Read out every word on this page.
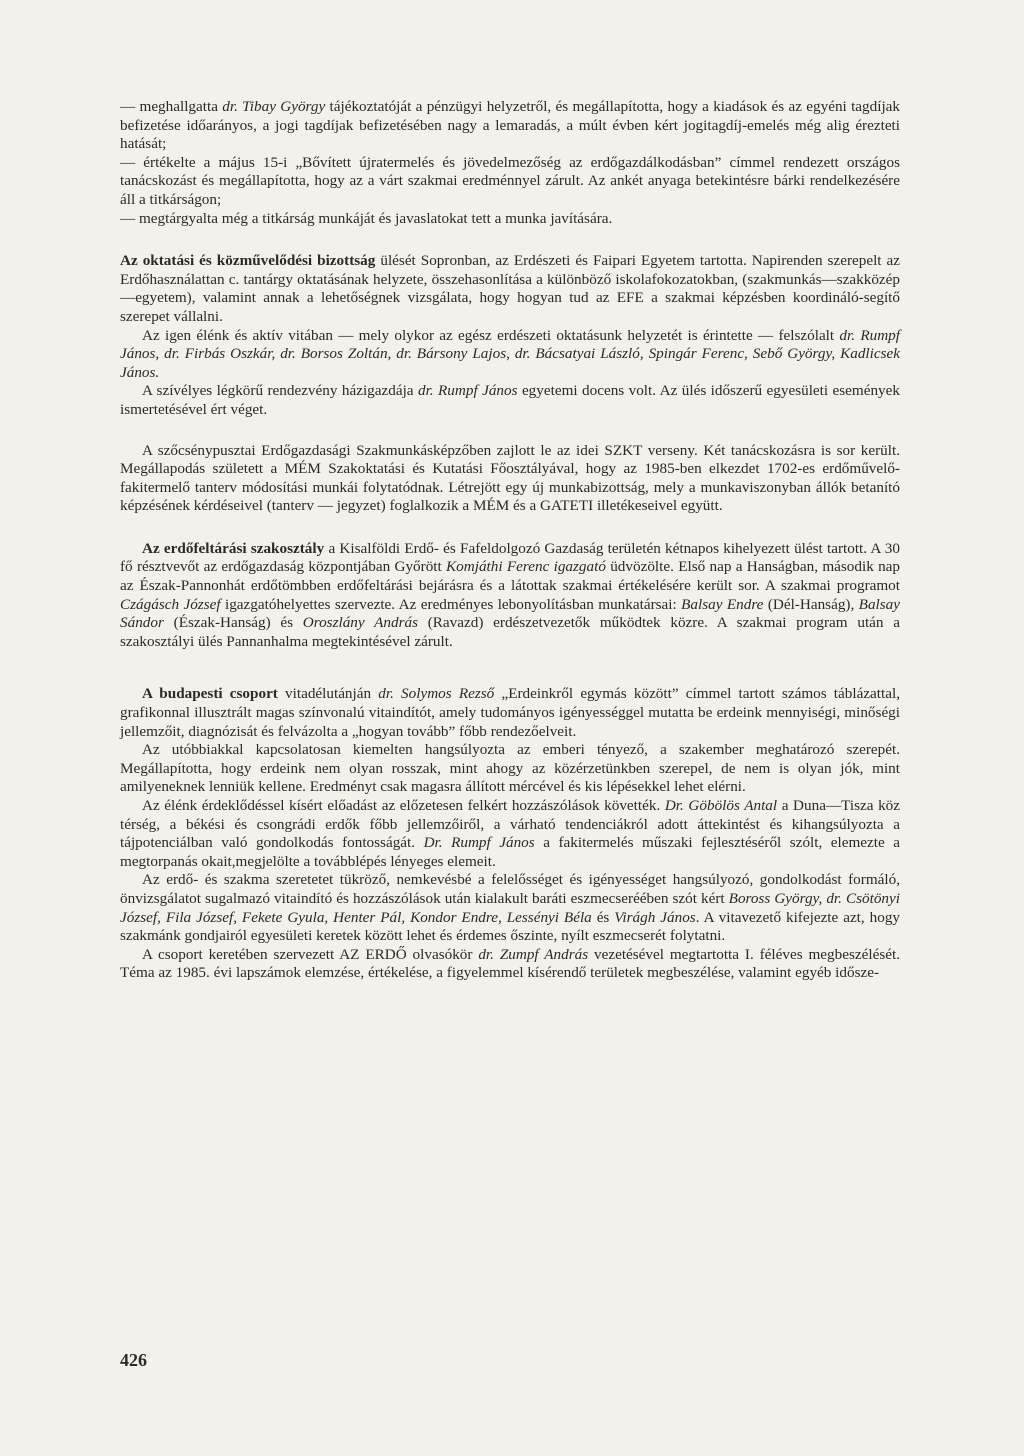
— meghallgatta dr. Tibay György tájékoztatóját a pénzügyi helyzetről, és megállapította, hogy a kiadások és az egyéni tagdíjak befizetése időarányos, a jogi tagdíjak befizetésében nagy a lemaradás, a múlt évben kért jogitagdíj-emelés még alig érezteti hatását;

— értékelte a május 15-i „Bővített újratermelés és jövedelmezőség az erdőgazdálkodásban” címmel rendezett országos tanácskozást és megállapította, hogy az a várt szakmai eredménnyel zárult. Az ankét anyaga betekintésre bárki rendelkezésére áll a titkárságon;

— megtárgyalta még a titkárság munkáját és javaslatokat tett a munka javítására.

Az oktatási és közművelődési bizottság ülését Sopronban, az Erdészeti és Faipari Egyetem tartotta. Napirenden szerepelt az Erdőhasználattan c. tantárgy oktatásának helyzete, összehasonlítása a különböző iskolafokozatokban, (szakmunkás—szakközép—egyetem), valamint annak a lehetőségnek vizsgálata, hogy hogyan tud az EFE a szakmai képzésben koordináló-segítő szerepet vállalni.

Az igen élénk és aktív vitában — mely olykor az egész erdészeti oktatásunk helyzetét is érintette — felszólalt dr. Rumpf János, dr. Firbás Oszkár, dr. Borsos Zoltán, dr. Bársony Lajos, dr. Bácsatyai László, Spingár Ferenc, Sebő György, Kadlicsek János.

A szívélyes légkörű rendezvény házigazdája dr. Rumpf János egyetemi docens volt. Az ülés időszerű egyesületi események ismertetésével ért véget.

A szőcsénypusztai Erdőgazdasági Szakmunkásképzőben zajlott le az idei SZKT verseny. Két tanácskozásra is sor került. Megállapodás született a MÉM Szakoktatási és Kutatási Főosztályával, hogy az 1985-ben elkezdet 1702-es erdőművelő-fakitermelő tanterv módosítási munkái folytatódnak. Létrejött egy új munkabizottság, mely a munkaviszonyban állók betanító képzésének kérdéseivel (tanterv — jegyzet) foglalkozik a MÉM és a GATETI illetékeseivel együtt.

Az erdőfeltárási szakosztály a Kisalföldi Erdő- és Fafeldolgozó Gazdaság területén kétnapos kihelyezett ülést tartott. A 30 fő résztvevőt az erdőgazdaság központjában Győrött Komjáthi Ferenc igazgató üdvözölte. Első nap a Hanságban, második nap az Észak-Pannonhát erdőtömbben erdőfeltárási bejárásra és a látottak szakmai értékelésére került sor. A szakmai programot Czágásch József igazgatóhelyettes szervezte. Az eredményes lebonyolításban munkatársai: Balsay Endre (Dél-Hanság), Balsay Sándor (Észak-Hanság) és Oroszlány András (Ravazd) erdészetvezetők működtek közre. A szakmai program után a szakosztályi ülés Pannanhalma megtekintésével zárult.

A budapesti csoport vitadélutánján dr. Solymos Rezső „Erdeinkről egymás között” címmel tartott számos táblázattal, grafikonnal illusztrált magas színvonalú vitaindítót, amely tudományos igényességgel mutatta be erdeink mennyiségi, minőségi jellemzőit, diagnózisát és felvázolta a „hogyan tovább” főbb rendezőelveit.

Az utóbbiakkal kapcsolatosan kiemelten hangsúlyozta az emberi tényező, a szakember meghatározó szerepét. Megállapította, hogy erdeink nem olyan rosszak, mint ahogy az közérzetünkben szerepel, de nem is olyan jók, mint amilyeneknek lenniük kellene. Eredményt csak magasra állított mércével és kis lépésekkel lehet elérni.

Az élénk érdeklődéssel kísért előadást az előzetesen felkért hozzászólások követték. Dr. Göbölös Antal a Duna—Tisza köz térség, a békési és csongrádi erdők főbb jellemzőiről, a várható tendenciákról adott áttekintést és kihangsúlyozta a tájpotenciálban való gondolkodás fontosságát. Dr. Rumpf János a fakitermelés műszaki fejlesztéséről szólt, elemezte a megtorpanás okait,megjelölte a továbblépés lényeges elemeit.

Az erdő- és szakma szeretetet tükröző, nemkevésbé a felelősséget és igényességet hangsúlyozó, gondolkodást formáló, önvizsgálatot sugalmazó vitaindító és hozzászólások után kialakult baráti eszmecseréében szót kért Boross György, dr. Csötönyi József, Fila József, Fekete Gyula, Henter Pál, Kondor Endre, Lessényi Béla és Virágh János. A vitavezető kifejezte azt, hogy szakmánk gondjairól egyesületi keretek között lehet és érdemes őszinte, nyílt eszmecserét folytatni.

A csoport keretében szervezett AZ ERDŐ olvasókör dr. Zumpf András vezetésével megtartotta I. féléves megbeszélését. Téma az 1985. évi lapszámok elemzése, értékelése, a figyelemmel kísérendő területek megbeszélése, valamint egyéb idősze-

426
